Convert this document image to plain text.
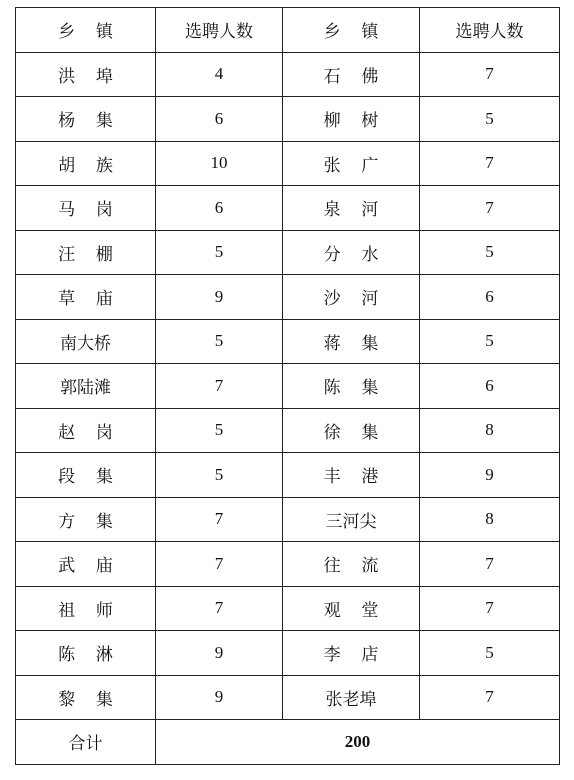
乡 镇	选聘人数	乡 镇	选聘人数
洪 埠	4	石 佛	7
杨 集	6	柳 树	5
胡 族	10	张 广	7
马 岗	6	泉 河	7
汪 棚	5	分 水	5
草 庙	9	沙 河	6
南大桥	5	蒋 集	5
郭陆滩	7	陈 集	6
赵 岗	5	徐 集	8
段 集	5	丰 港	9
方 集	7	三河尖	8
武 庙	7	往 流	7
祖 师	7	观 堂	7
陈 淋	9	李 店	5
黎 集	9	张老埠	7
合计	200		
